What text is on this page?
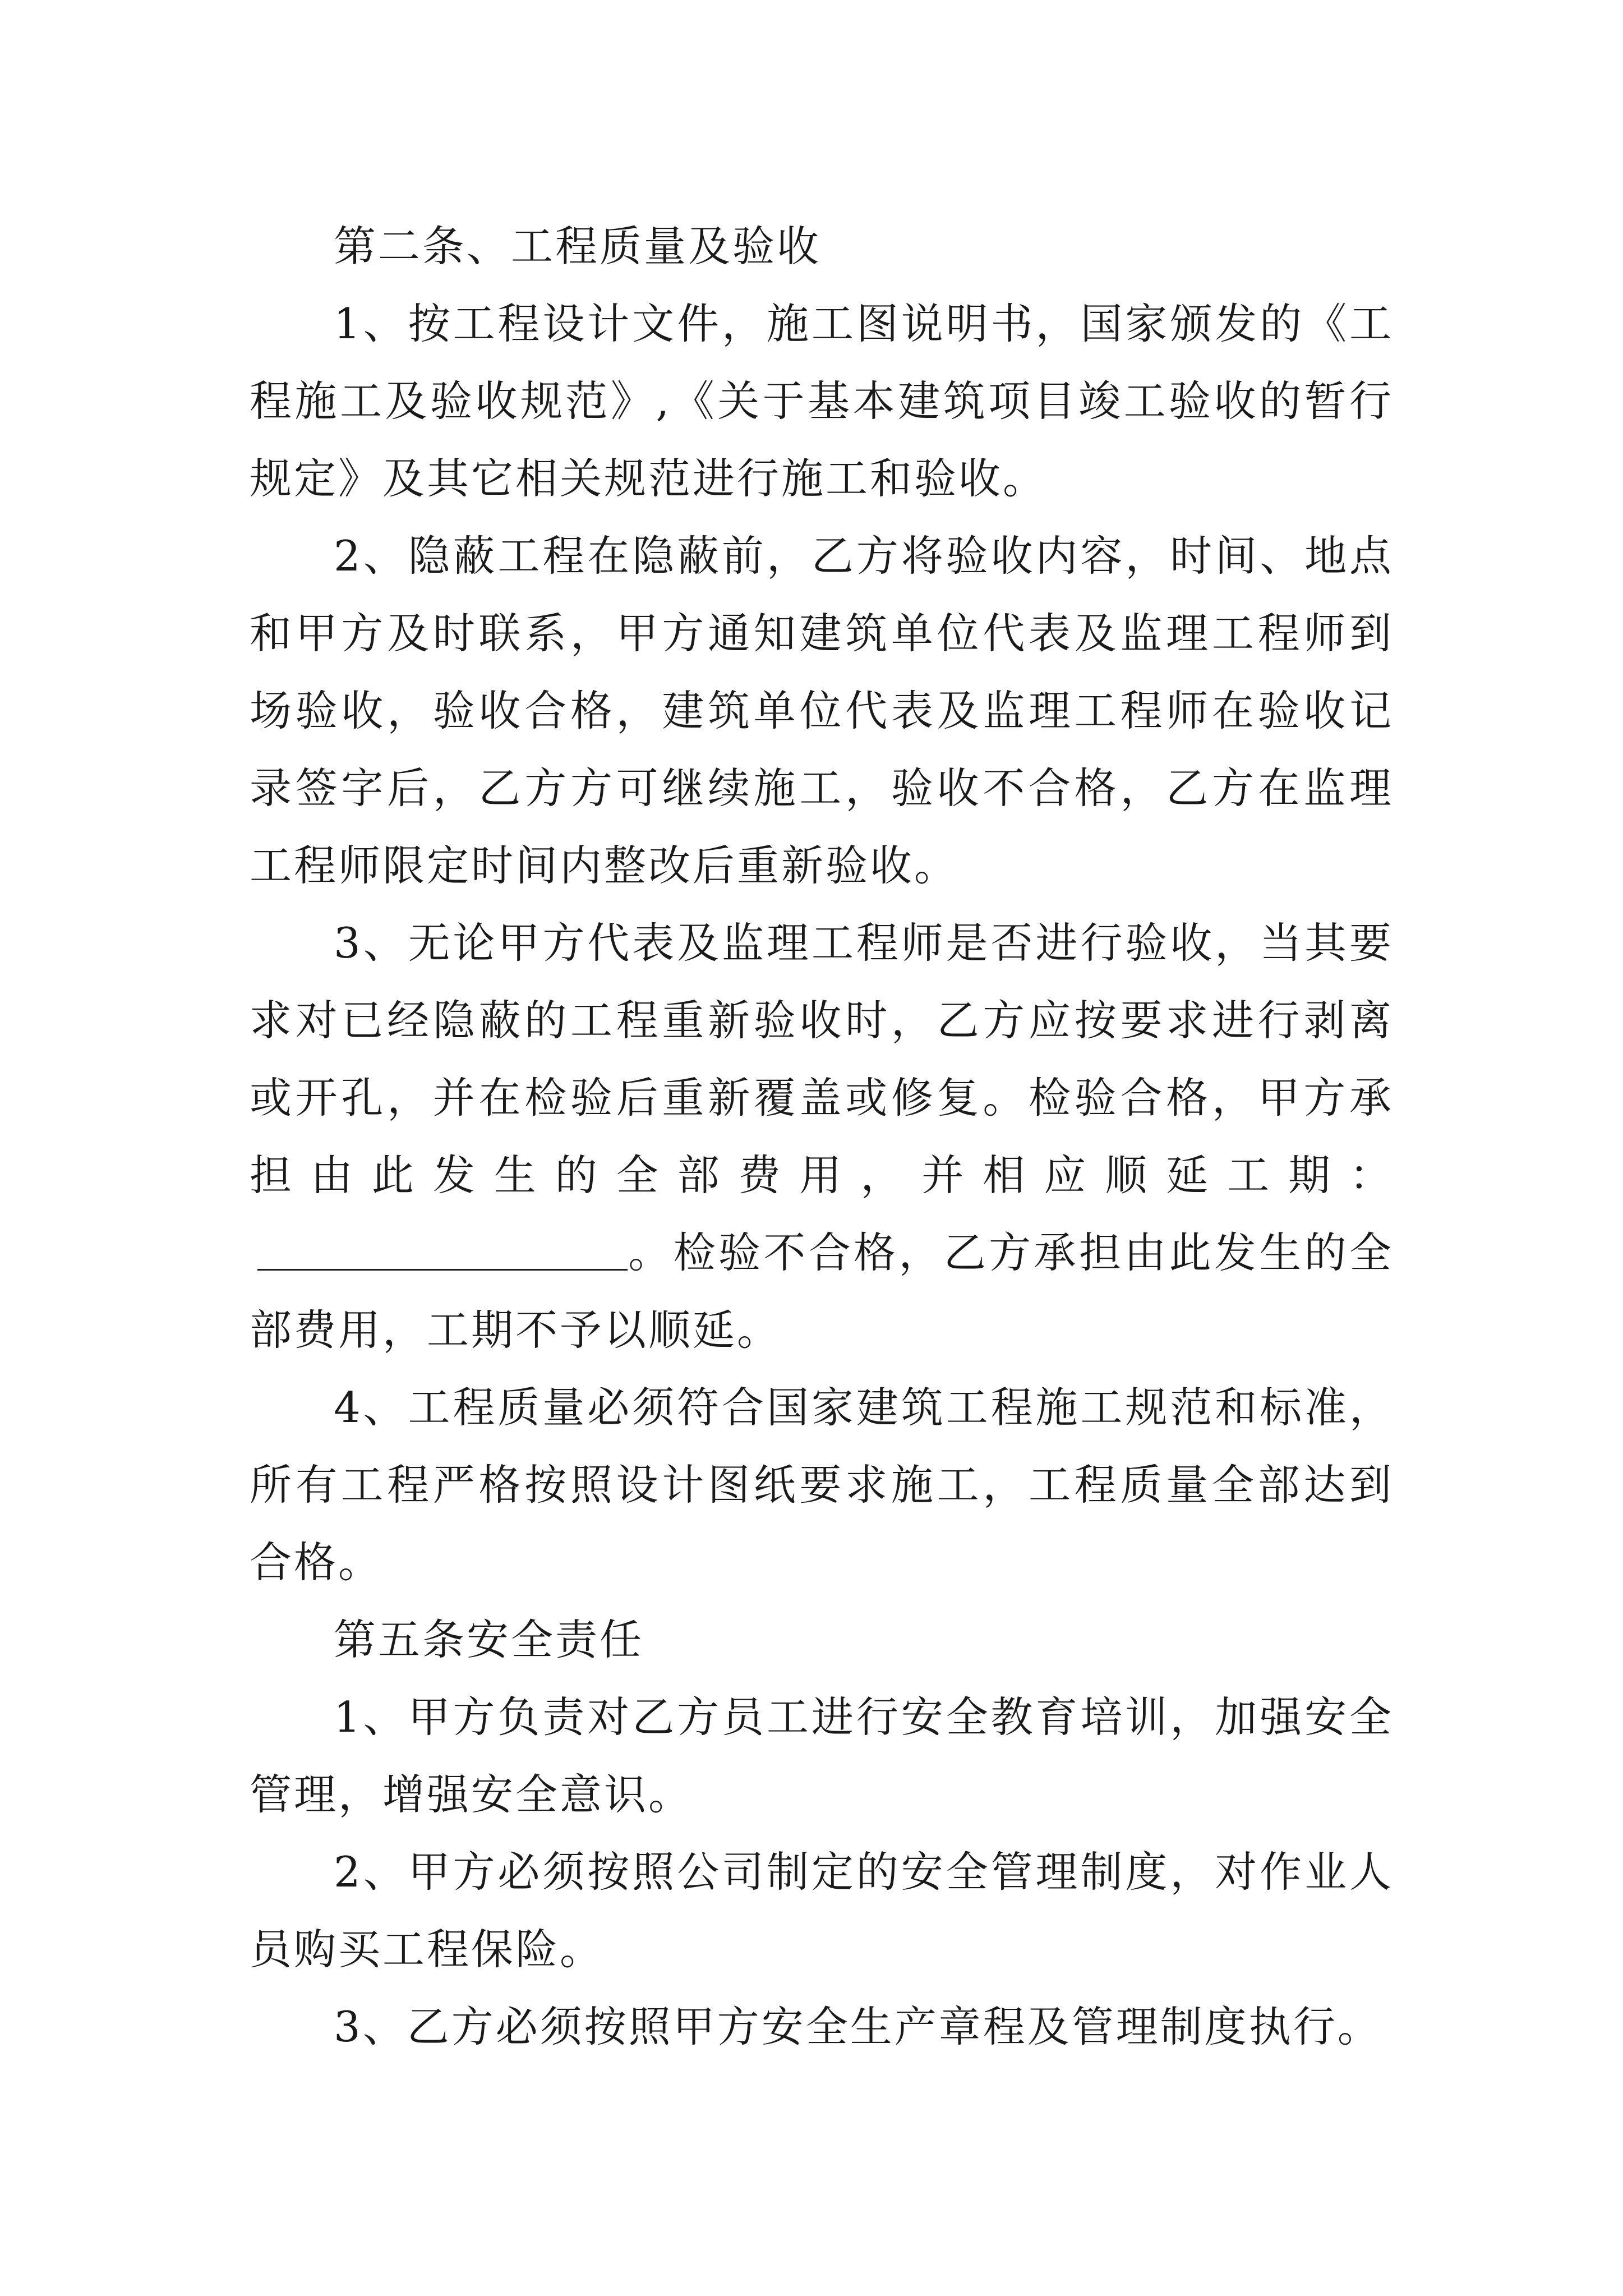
第二条、工程质量及验收

1、按工程设计文件，施工图说明书，国家颁发的《工程施工及验收规范》,《关于基本建筑项目竣工验收的暂行规定》及其它相关规范进行施工和验收。

2、隐蔽工程在隐蔽前，乙方将验收内容，时间、地点和甲方及时联系，甲方通知建筑单位代表及监理工程师到场验收，验收合格，建筑单位代表及监理工程师在验收记录签字后，乙方方可继续施工，验收不合格，乙方在监理工程师限定时间内整改后重新验收。

3、无论甲方代表及监理工程师是否进行验收，当其要求对已经隐蔽的工程重新验收时，乙方应按要求进行剥离或开孔，并在检验后重新覆盖或修复。检验合格，甲方承担由此发生的全部费用，并相应顺延工期：。检验不合格，乙方承担由此发生的全部费用，工期不予以顺延。

4、工程质量必须符合国家建筑工程施工规范和标准，所有工程严格按照设计图纸要求施工，工程质量全部达到合格。

第五条安全责任

1、甲方负责对乙方员工进行安全教育培训，加强安全管理，增强安全意识。

2、甲方必须按照公司制定的安全管理制度，对作业人员购买工程保险。

3、乙方必须按照甲方安全生产章程及管理制度执行。
